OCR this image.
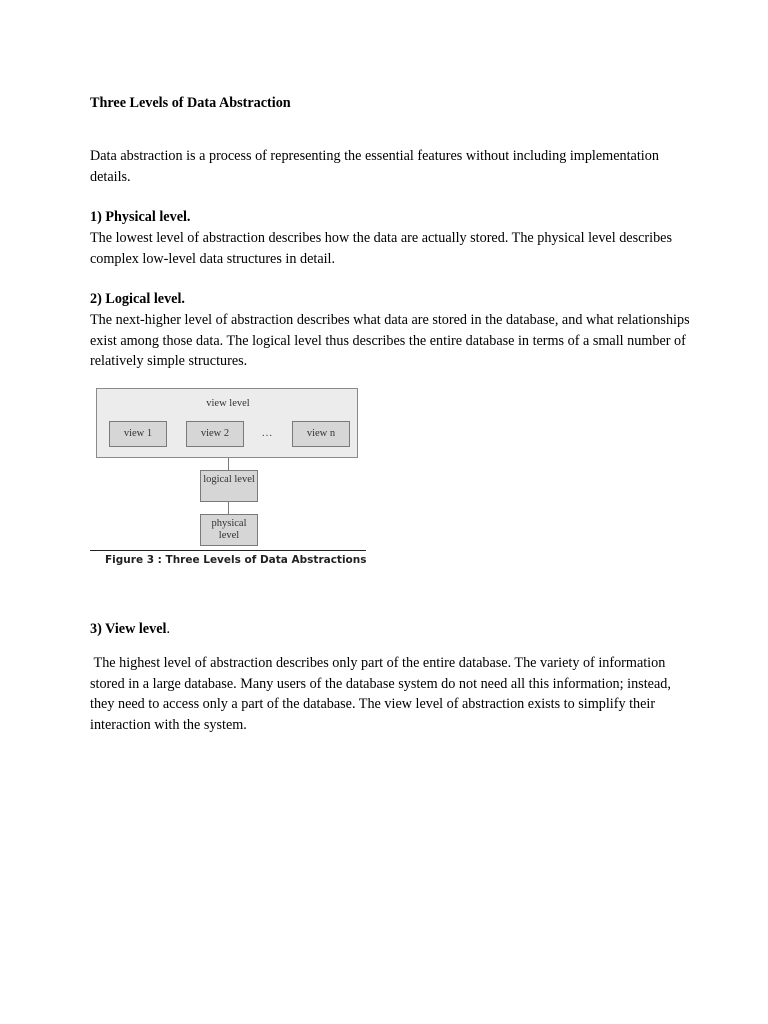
Three Levels of Data Abstraction

Data abstraction is a process of representing the essential features without including implementation details.

1) Physical level.

The lowest level of abstraction describes how the data are actually stored. The physical level describes complex low-level data structures in detail.

2) Logical level.

The next-higher level of abstraction describes what data are stored in the database, and what relationships exist among those data. The logical level thus describes the entire database in terms of a small number of relatively simple structures.

view level
view 1	view 2	…	view n
logical level
physical level
Figure 3 : Three Levels of Data Abstractions

3) View level.

The highest level of abstraction describes only part of the entire database. The variety of information stored in a large database. Many users of the database system do not need all this information; instead, they need to access only a part of the database. The view level of abstraction exists to simplify their interaction with the system.
